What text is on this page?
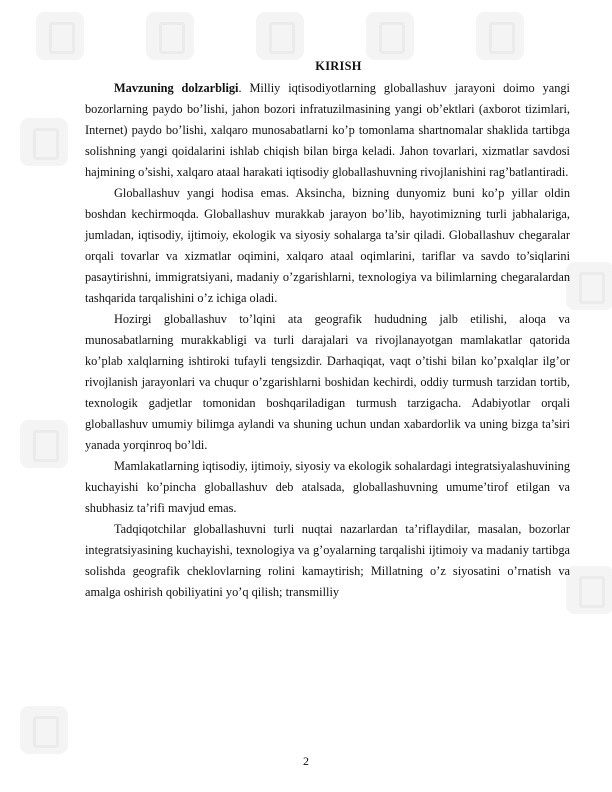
KIRISH

Mavzuning dolzarbligi. Milliy iqtisodiyotlarning globallashuv jarayoni doimo yangi bozorlarning paydo bo’lishi, jahon bozori infratuzilmasining yangi ob’ektlari (axborot tizimlari, Internet) paydo bo’lishi, xalqaro munosabatlarni ko’p tomonlama shartnomalar shaklida tartibga solishning yangi qoidalarini ishlab chiqish bilan birga keladi. Jahon tovarlari, xizmatlar savdosi hajmining o’sishi, xalqaro ataal harakati iqtisodiy globallashuvning rivojlanishini rag’batlantiradi.

Globallashuv yangi hodisa emas. Aksincha, bizning dunyomiz buni ko’p yillar oldin boshdan kechirmoqda. Globallashuv murakkab jarayon bo’lib, hayotimizning turli jabhalariga, jumladan, iqtisodiy, ijtimoiy, ekologik va siyosiy sohalarga ta’sir qiladi. Globallashuv chegaralar orqali tovarlar va xizmatlar oqimini, xalqaro ataal oqimlarini, tariflar va savdo to’siqlarini pasaytirishni, immigratsiyani, madaniy o’zgarishlarni, texnologiya va bilimlarning chegaralardan tashqarida tarqalishini o’z ichiga oladi.

Hozirgi globallashuv to’lqini ata geografik hududning jalb etilishi, aloqa va munosabatlarning murakkabligi va turli darajalari va rivojlanayotgan mamlakatlar qatorida ko’plab xalqlarning ishtiroki tufayli tengsizdir. Darhaqiqat, vaqt o’tishi bilan ko’pxalqlar ilg’or rivojlanish jarayonlari va chuqur o’zgarishlarni boshidan kechirdi, oddiy turmush tarzidan tortib, texnologik gadjetlar tomonidan boshqariladigan turmush tarzigacha. Adabiyotlar orqali globallashuv umumiy bilimga aylandi va shuning uchun undan xabardorlik va uning bizga ta’siri yanada yorqinroq bo’ldi.

Mamlakatlarning iqtisodiy, ijtimoiy, siyosiy va ekologik sohalardagi integratsiyalashuvining kuchayishi ko’pincha globallashuv deb atalsada, globallashuvning umume’tirof etilgan va shubhasiz ta’rifi mavjud emas.

Tadqiqotchilar globallashuvni turli nuqtai nazarlardan ta’riflaydilar, masalan, bozorlar integratsiyasining kuchayishi, texnologiya va g’oyalarning tarqalishi ijtimoiy va madaniy tartibga solishda geografik cheklovlarning rolini kamaytirish; Millatning o’z siyosatini o’rnatish va amalga oshirish qobiliyatini yo’q qilish; transmilliy

2
